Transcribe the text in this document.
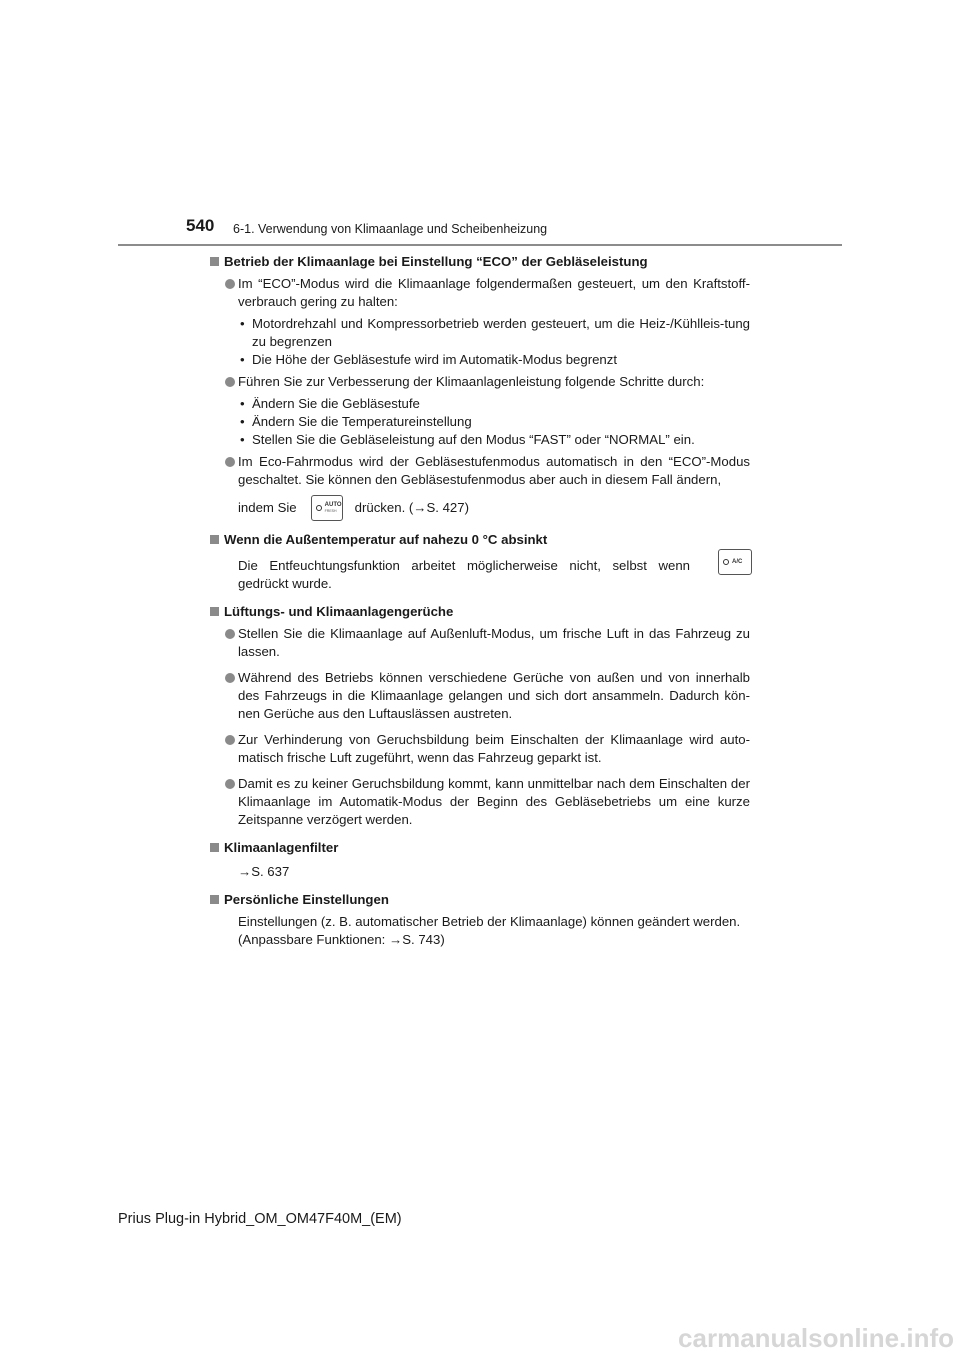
540 6-1. Verwendung von Klimaanlage und Scheibenheizung
Betrieb der Klimaanlage bei Einstellung “ECO” der Gebläseleistung
Im “ECO”-Modus wird die Klimaanlage folgendermaßen gesteuert, um den Kraftstoff-verbrauch gering zu halten:
• Motordrehzahl und Kompressorbetrieb werden gesteuert, um die Heiz-/Kühlleis-tung zu begrenzen
• Die Höhe der Gebläsestufe wird im Automatik-Modus begrenzt
Führen Sie zur Verbesserung der Klimaanlagenleistung folgende Schritte durch:
• Ändern Sie die Gebläsestufe
• Ändern Sie die Temperatureinstellung
• Stellen Sie die Gebläseleistung auf den Modus “FAST” oder “NORMAL” ein.
Im Eco-Fahrmodus wird der Gebläsestufenmodus automatisch in den “ECO”-Modus geschaltet. Sie können den Gebläsestufenmodus aber auch in diesem Fall ändern,
indem Sie	AUTO
FRESH drücken. (→S. 427)
Wenn die Außentemperatur auf nahezu 0 °C absinkt
Die Entfeuchtungsfunktion arbeitet möglicherweise nicht, selbst wenn	A/C
gedrückt wurde.
Lüftungs- und Klimaanlagengerüche
Stellen Sie die Klimaanlage auf Außenluft-Modus, um frische Luft in das Fahrzeug zu lassen.
Während des Betriebs können verschiedene Gerüche von außen und von innerhalb des Fahrzeugs in die Klimaanlage gelangen und sich dort ansammeln. Dadurch kön-nen Gerüche aus den Luftauslässen austreten.
Zur Verhinderung von Geruchsbildung beim Einschalten der Klimaanlage wird auto-matisch frische Luft zugeführt, wenn das Fahrzeug geparkt ist.
Damit es zu keiner Geruchsbildung kommt, kann unmittelbar nach dem Einschalten der Klimaanlage im Automatik-Modus der Beginn des Gebläsebetriebs um eine kurze Zeitspanne verzögert werden.
Klimaanlagenfilter
→S. 637
Persönliche Einstellungen
Einstellungen (z. B. automatischer Betrieb der Klimaanlage) können geändert werden.
(Anpassbare Funktionen: →S. 743)
Prius Plug-in Hybrid_OM_OM47F40M_(EM)
carmanualsonline.info
